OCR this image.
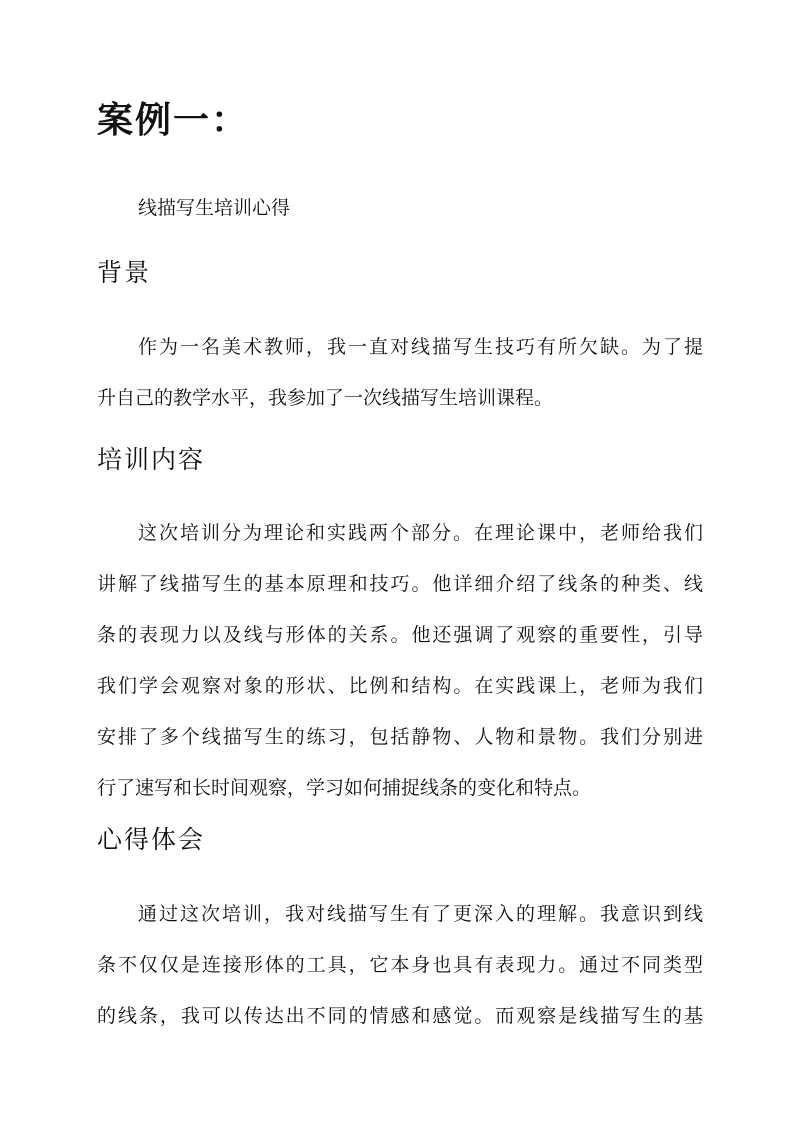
案例一：

线描写生培训心得

背景
作为一名美术教师，我一直对线描写生技巧有所欠缺。为了提
升自己的教学水平，我参加了一次线描写生培训课程。
培训内容
这次培训分为理论和实践两个部分。在理论课中，老师给我们
讲解了线描写生的基本原理和技巧。他详细介绍了线条的种类、线
条的表现力以及线与形体的关系。他还强调了观察的重要性，引导
我们学会观察对象的形状、比例和结构。在实践课上，老师为我们
安排了多个线描写生的练习，包括静物、人物和景物。我们分别进
行了速写和长时间观察，学习如何捕捉线条的变化和特点。
心得体会
通过这次培训，我对线描写生有了更深入的理解。我意识到线
条不仅仅是连接形体的工具，它本身也具有表现力。通过不同类型
的线条，我可以传达出不同的情感和感觉。而观察是线描写生的基
